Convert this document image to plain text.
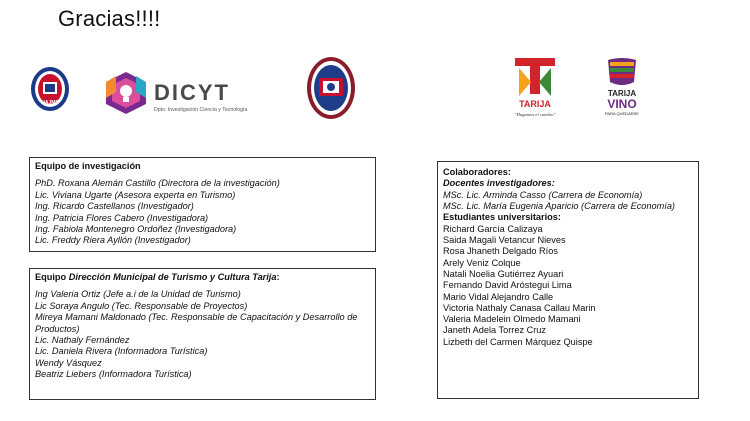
Gracias!!!!
UAJMS	DICYT
Dpto. Investigación Ciencia y Tecnología
TARIJA
"Hagamos el cambio"
TARIJA
VINO
PARA QUEDARSE
Equipo de investigación
PhD. Roxana Alemán Castillo (Directora de la investigación)
Lic. Viviana Ugarte (Asesora experta en Turismo)
Ing. Ricardo Castellanos (Investigador)
Ing. Patricia Flores Cabero (Investigadora)
Ing. Fabiola Montenegro Ordoñez (Investigadora)
Lic. Freddy Riera Ayllón (Investigador)
Equipo Dirección Municipal de Turismo y Cultura Tarija:
Ing Valeria Ortiz (Jefe a.i de la Unidad de Turismo)
Lic Soraya Angulo (Tec. Responsable de Proyectos)
Mireya Mamani Maldonado (Tec. Responsable de Capacitación y Desarrollo de Productos)
Lic. Nathaly Fernández
Lic. Daniela Rivera (Informadora Turística)
Wendy Vásquez
Beatriz Liebers (Informadora Turística)
Colaboradores:
Docentes investigadores:
MSc. Lic. Arminda Casso (Carrera de Economía)
MSc. Lic. María Eugenia Aparicio (Carrera de Economía)
Estudiantes universitarios:
Richard García Calizaya
Saida Magali Vetancur Nieves
Rosa Jhaneth Delgado Ríos
Arely Veniz Colque
Natali Noelia Gutiérrez Ayuari
Fernando David Aróstegui Lima
Mario Vidal Alejandro Calle
Victoria Nathaly Canasa Callau Marin
Valeria Madelein Olmedo Mamani
Janeth Adela Torrez Cruz
Lizbeth del Carmen Márquez Quispe
